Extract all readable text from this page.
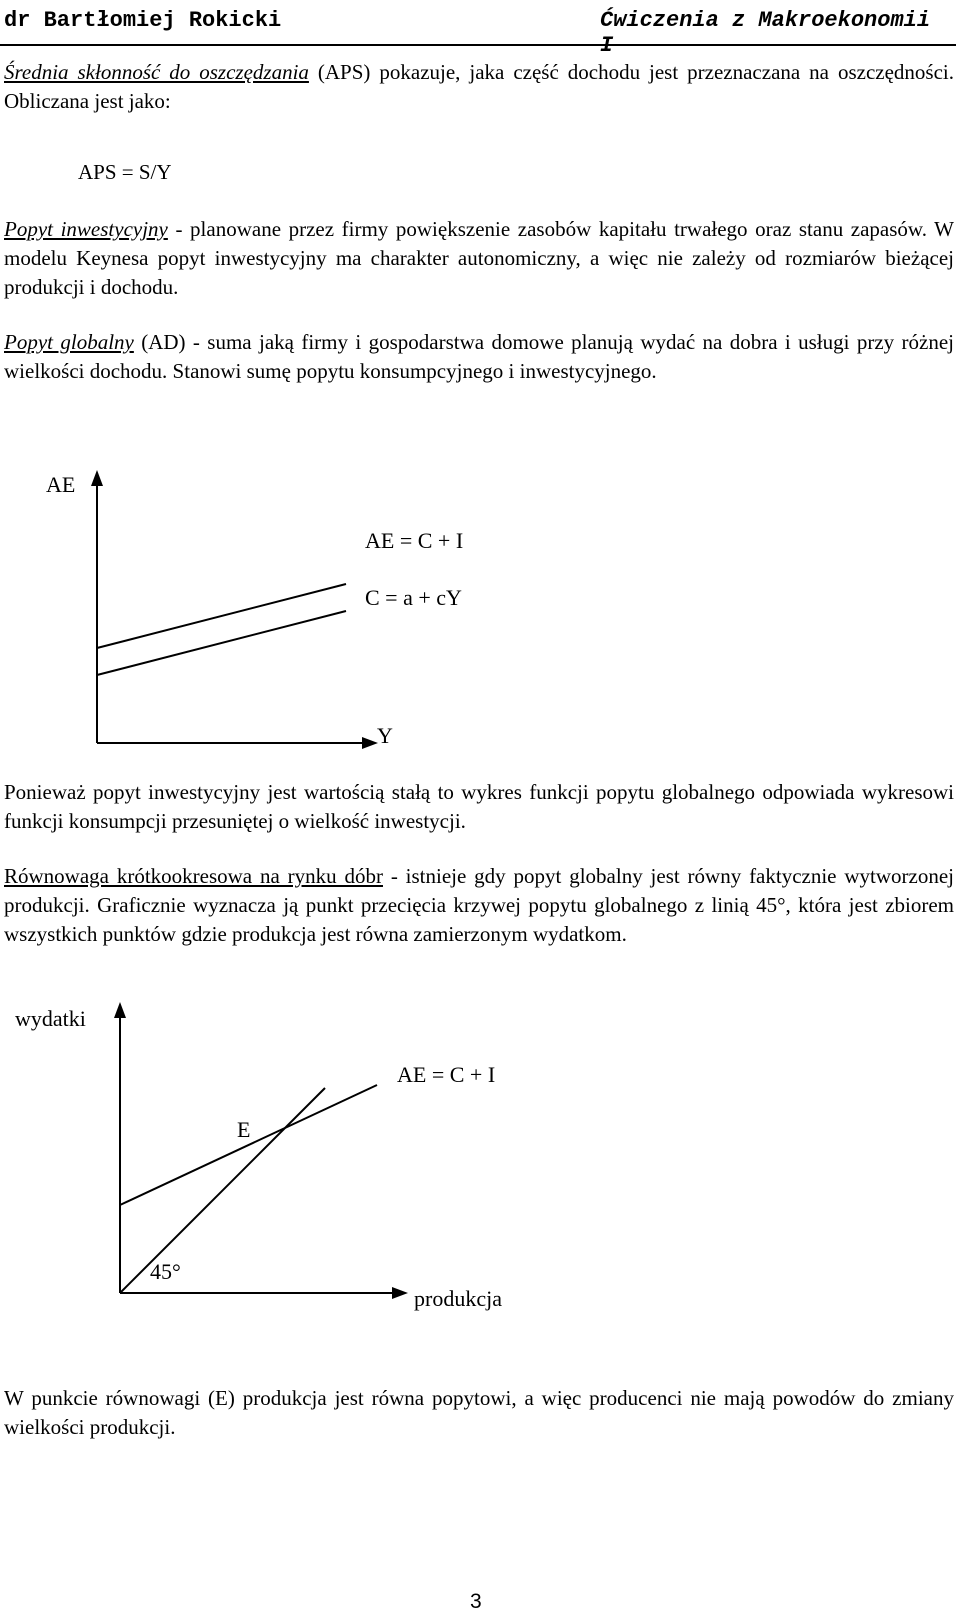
dr Bartłomiej Rokicki	Ćwiczenia z Makroekonomii I

Średnia skłonność do oszczędzania (APS) pokazuje, jaka część dochodu jest przeznaczana na oszczędności. Obliczana jest jako:

APS = S/Y

Popyt inwestycyjny - planowane przez firmy powiększenie zasobów kapitału trwałego oraz stanu zapasów. W modelu Keynesa popyt inwestycyjny ma charakter autonomiczny, a więc nie zależy od rozmiarów bieżącej produkcji i dochodu.

Popyt globalny (AD) - suma jaką firmy i gospodarstwa domowe planują wydać na dobra i usługi przy różnej wielkości dochodu. Stanowi sumę popytu konsumpcyjnego i inwestycyjnego.

AE
AE = C + I
C = a + cY
Y

Ponieważ popyt inwestycyjny jest wartością stałą to wykres funkcji popytu globalnego odpowiada wykresowi funkcji konsumpcji przesuniętej o wielkość inwestycji.

Równowaga krótkookresowa na rynku dóbr - istnieje gdy popyt globalny jest równy faktycznie wytworzonej produkcji. Graficznie wyznacza ją punkt przecięcia krzywej popytu globalnego z linią 45°, która jest zbiorem wszystkich punktów gdzie produkcja jest równa zamierzonym wydatkom.

wydatki
AE = C + I
E
45°
produkcja

W punkcie równowagi (E) produkcja jest równa popytowi, a więc producenci nie mają powodów do zmiany wielkości produkcji.

3
